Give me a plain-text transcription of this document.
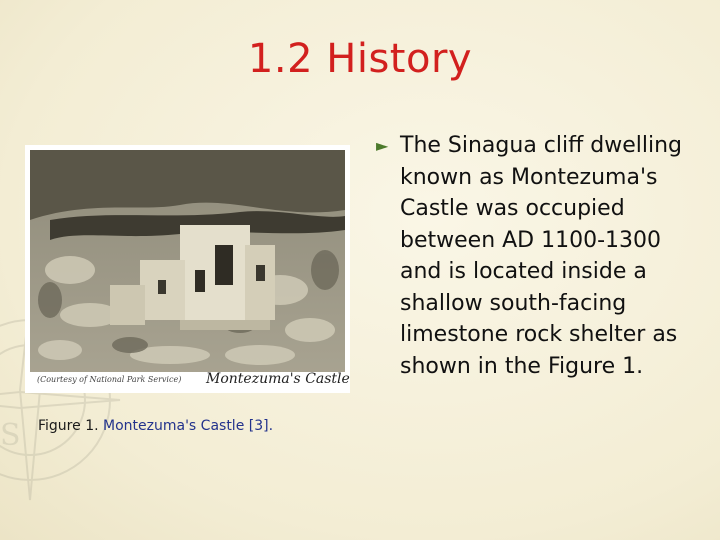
S
1.2 History
(Courtesy of National Park Service) Montezuma's Castle
Figure 1. Montezuma's Castle [3].
► The Sinagua cliff dwelling known as Montezuma's Castle was occupied between AD 1100-1300 and is located inside a shallow south-facing limestone rock shelter as shown in the Figure 1.
